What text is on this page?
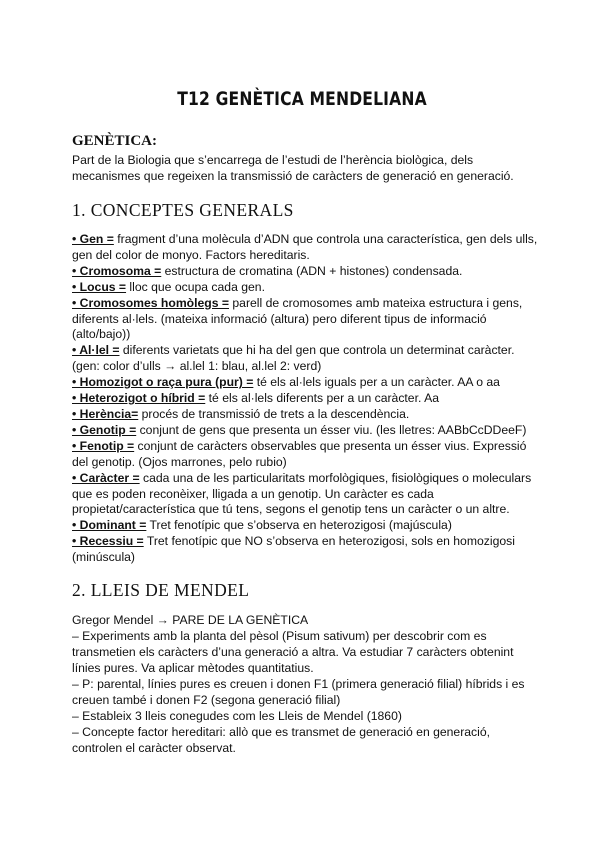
T12 GENÈTICA MENDELIANA
GENÈTICA:
Part de la Biologia que s’encarrega de l’estudi de l’herència biològica, dels mecanismes que regeixen la transmissió de caràcters de generació en generació.
1. CONCEPTES GENERALS

• Gen = fragment d’una molècula d’ADN que controla una característica, gen dels ulls, gen del color de monyo. Factors hereditaris.

• Cromosoma = estructura de cromatina (ADN + histones) condensada.

• Locus = lloc que ocupa cada gen.

• Cromosomes homòlegs = parell de cromosomes amb mateixa estructura i gens, diferents al·lels. (mateixa informació (altura) pero diferent tipus de informació (alto/bajo))

• Al·lel = diferents varietats que hi ha del gen que controla un determinat caràcter. (gen: color d’ulls → al.lel 1: blau, al.lel 2: verd)

• Homozigot o raça pura (pur) = té els al·lels iguals per a un caràcter. AA o aa

• Heterozigot o híbrid = té els al·lels diferents per a un caràcter. Aa

• Herència= procés de transmissió de trets a la descendència.

• Genotip = conjunt de gens que presenta un ésser viu. (les lletres: AABbCcDDeeF)

• Fenotip = conjunt de caràcters observables que presenta un ésser vius. Expressió del genotip. (Ojos marrones, pelo rubio)

• Caràcter = cada una de les particularitats morfològiques, fisiològiques o moleculars que es poden reconèixer, lligada a un genotip. Un caràcter es cada propietat/característica que tú tens, segons el genotip tens un caràcter o un altre.

• Dominant = Tret fenotípic que s’observa en heterozigosi (majúscula)

• Recessiu = Tret fenotípic que NO s’observa en heterozigosi, sols en homozigosi (minúscula)

2. LLEIS DE MENDEL

Gregor Mendel → PARE DE LA GENÈTICA

– Experiments amb la planta del pèsol (Pisum sativum) per descobrir com es transmetien els caràcters d’una generació a altra. Va estudiar 7 caràcters obtenint línies pures. Va aplicar mètodes quantitatius.

– P: parental, línies pures es creuen i donen F1 (primera generació filial) híbrids i es creuen també i donen F2 (segona generació filial)

– Estableix 3 lleis conegudes com les Lleis de Mendel (1860)

– Concepte factor hereditari: allò que es transmet de generació en generació, controlen el caràcter observat.
